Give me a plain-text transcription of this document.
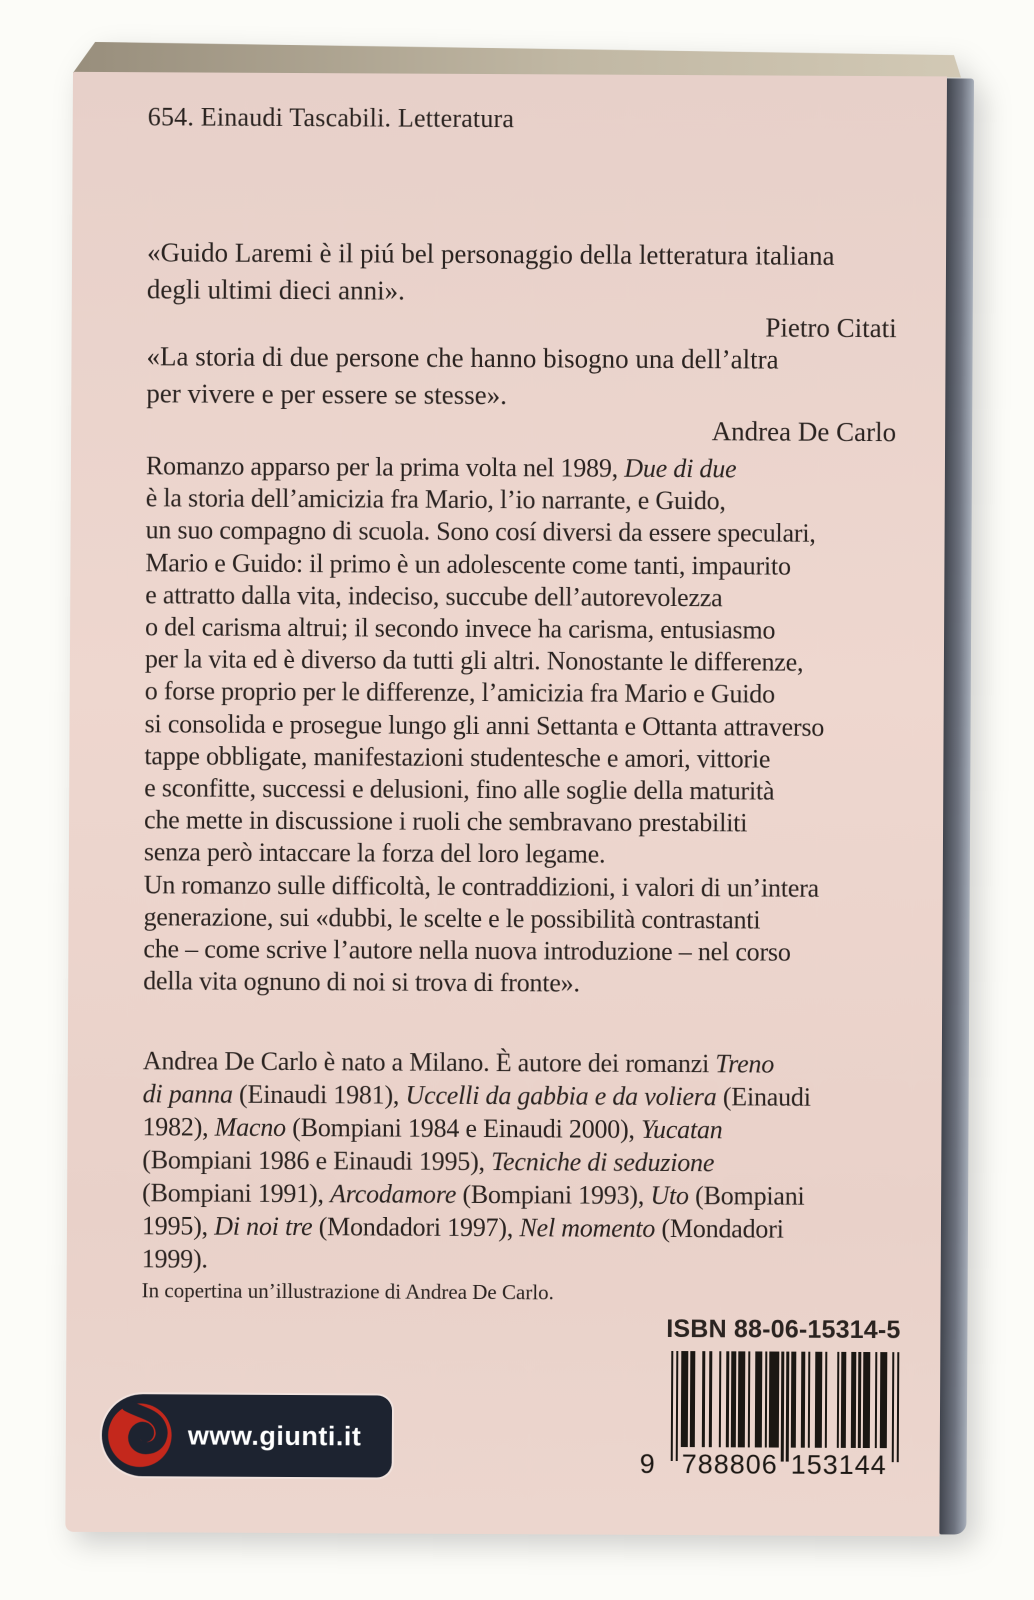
654. Einaudi Tascabili. Letteratura
«Guido Laremi è il piú bel personaggio della letteratura italiana
degli ultimi dieci anni».
Pietro Citati
«La storia di due persone che hanno bisogno una dell’altra
per vivere e per essere se stesse».
Andrea De Carlo
Romanzo apparso per la prima volta nel 1989, Due di due
è la storia dell’amicizia fra Mario, l’io narrante, e Guido,
un suo compagno di scuola. Sono cosí diversi da essere speculari,
Mario e Guido: il primo è un adolescente come tanti, impaurito
e attratto dalla vita, indeciso, succube dell’autorevolezza
o del carisma altrui; il secondo invece ha carisma, entusiasmo
per la vita ed è diverso da tutti gli altri. Nonostante le differenze,
o forse proprio per le differenze, l’amicizia fra Mario e Guido
si consolida e prosegue lungo gli anni Settanta e Ottanta attraverso
tappe obbligate, manifestazioni studentesche e amori, vittorie
e sconfitte, successi e delusioni, fino alle soglie della maturità
che mette in discussione i ruoli che sembravano prestabiliti
senza però intaccare la forza del loro legame.
Un romanzo sulle difficoltà, le contraddizioni, i valori di un’intera
generazione, sui «dubbi, le scelte e le possibilità contrastanti
che – come scrive l’autore nella nuova introduzione – nel corso
della vita ognuno di noi si trova di fronte».
Andrea De Carlo è nato a Milano. È autore dei romanzi Treno
di panna (Einaudi 1981), Uccelli da gabbia e da voliera (Einaudi
1982), Macno (Bompiani 1984 e Einaudi 2000), Yucatan
(Bompiani 1986 e Einaudi 1995), Tecniche di seduzione
(Bompiani 1991), Arcodamore (Bompiani 1993), Uto (Bompiani
1995), Di noi tre (Mondadori 1997), Nel momento (Mondadori
1999).
In copertina un’illustrazione di Andrea De Carlo.
ISBN 88-06-15314-5
9 788806 153144
www.giunti.it
